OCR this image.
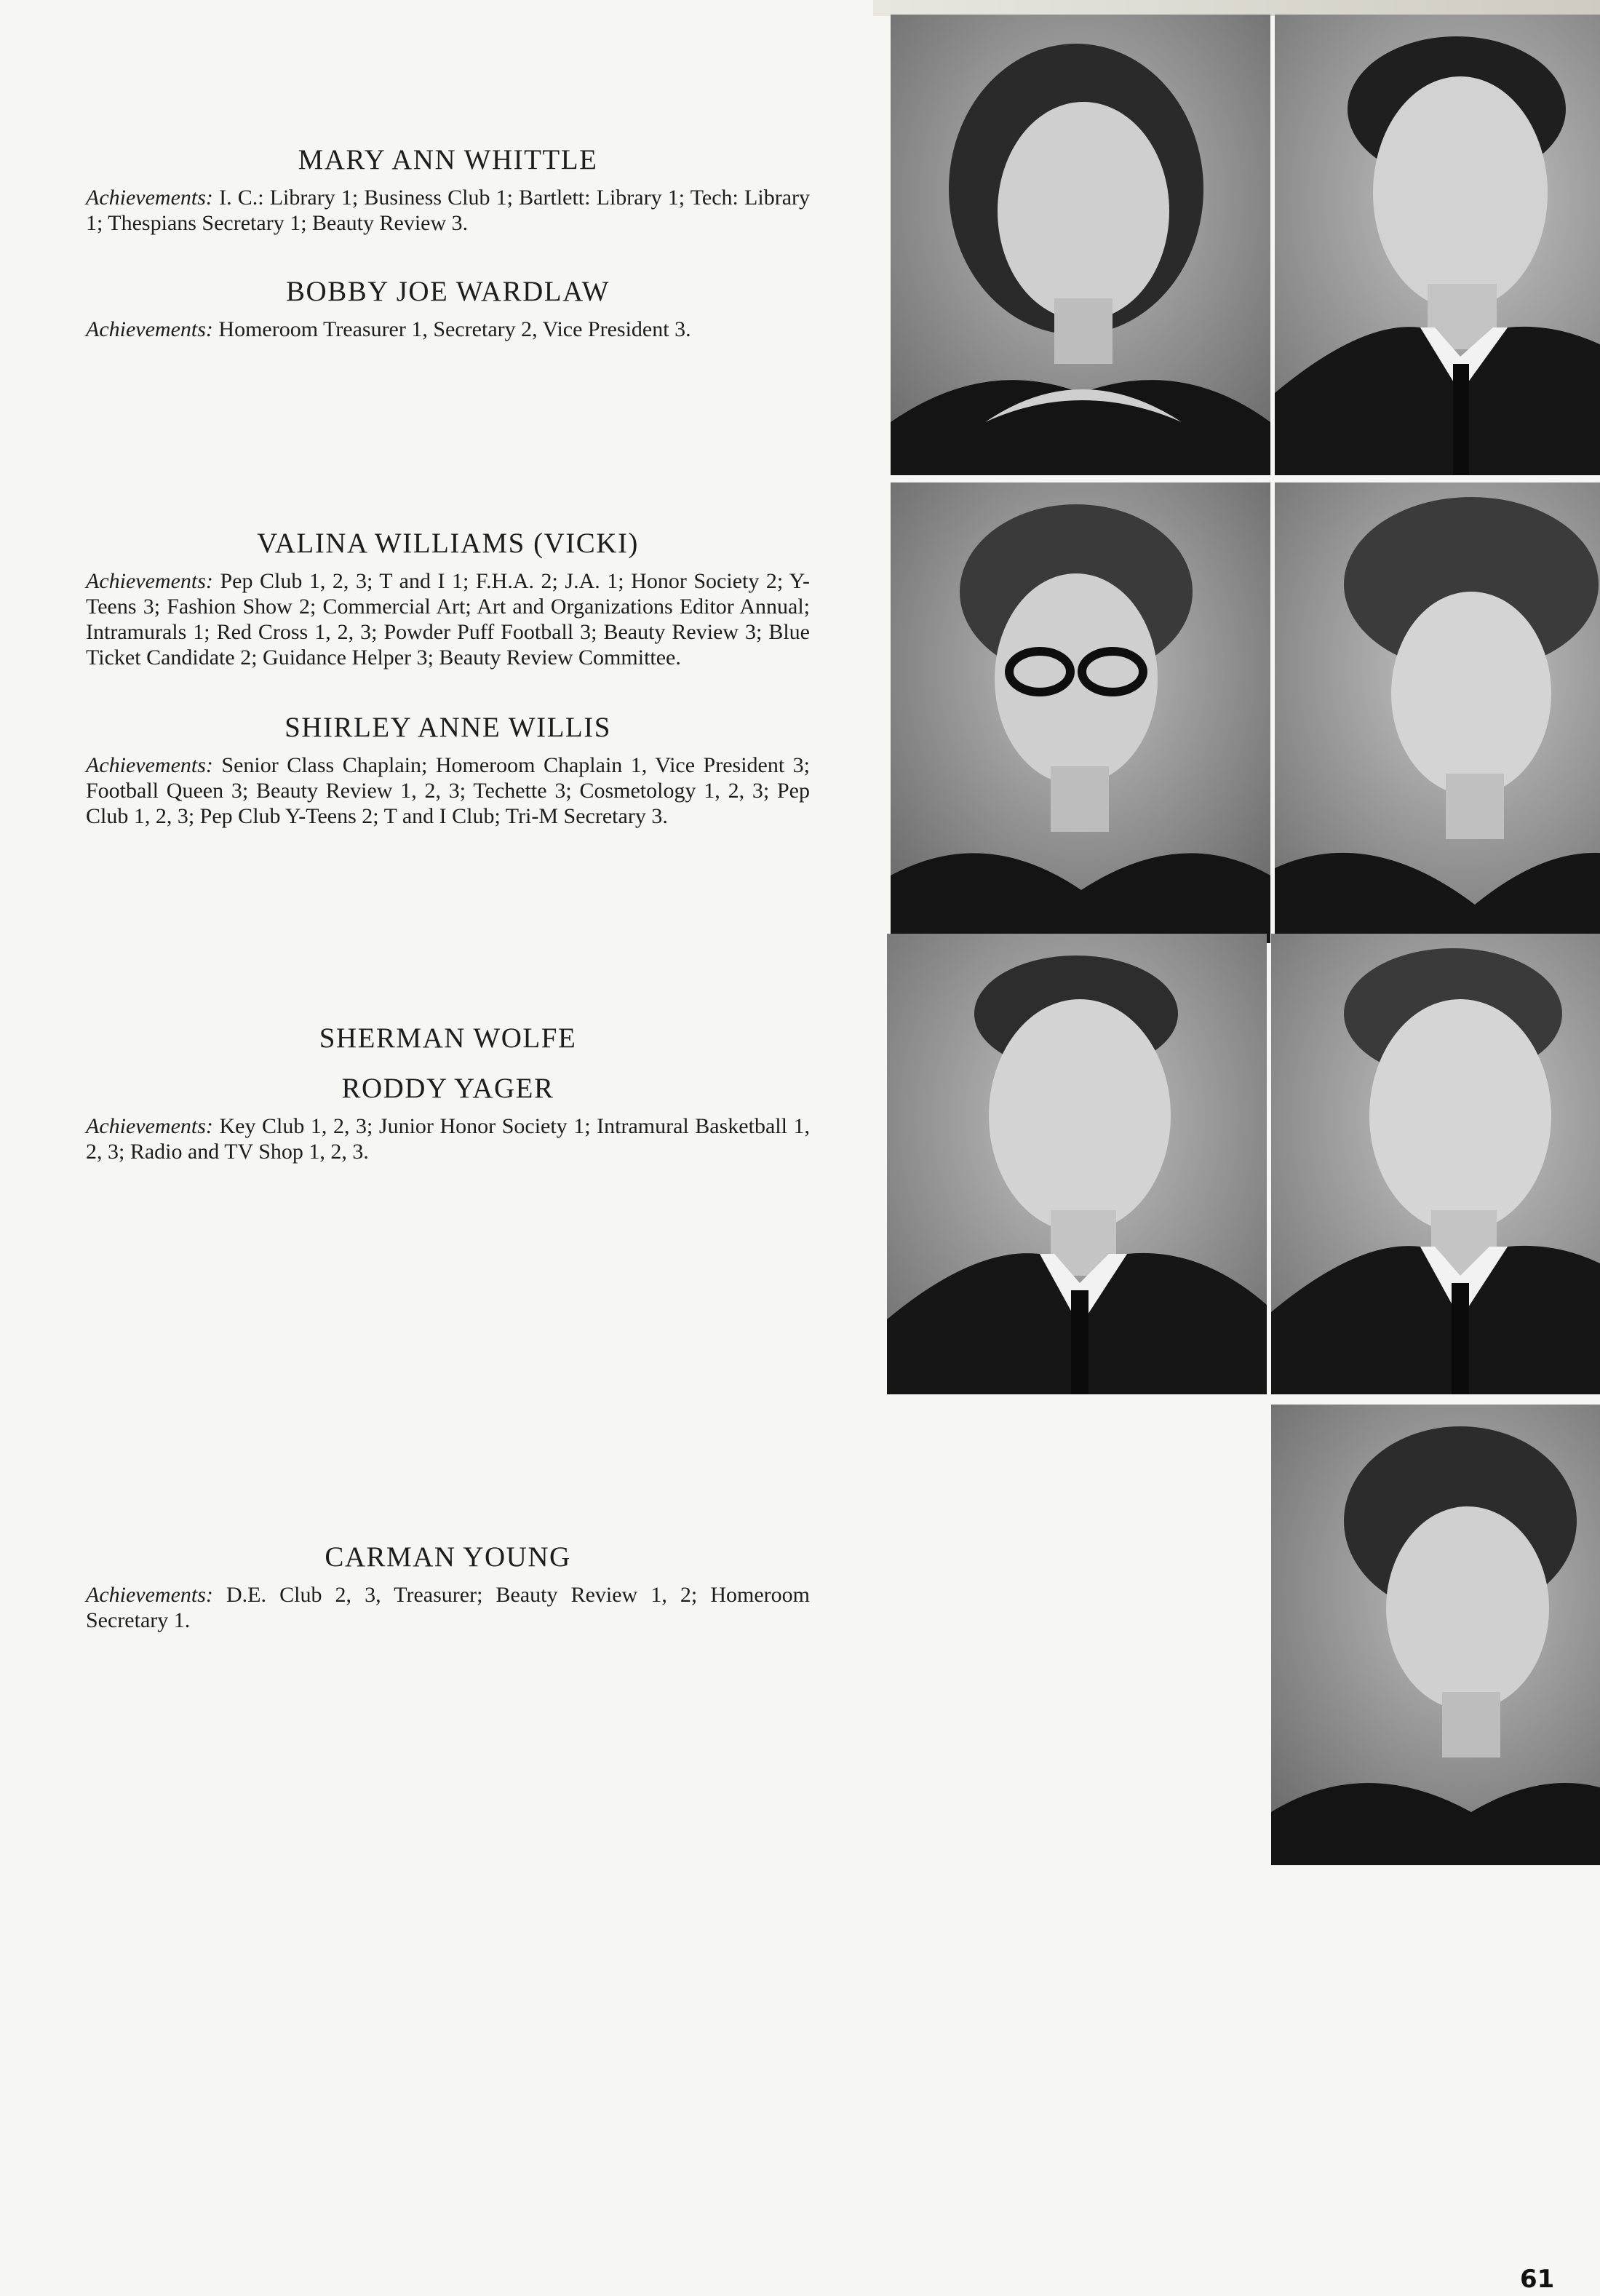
MARY ANN WHITTLE

Achievements: I. C.: Library 1; Business Club 1; Bartlett: Library 1; Tech: Library 1; Thespians Secretary 1; Beauty Review 3.

BOBBY JOE WARDLAW

Achievements: Homeroom Treasurer 1, Secretary 2, Vice President 3.

VALINA WILLIAMS (VICKI)

Achievements: Pep Club 1, 2, 3; T and I 1; F.H.A. 2; J.A. 1; Honor Society 2; Y-Teens 3; Fashion Show 2; Commercial Art; Art and Organizations Editor Annual; Intramurals 1; Red Cross 1, 2, 3; Powder Puff Football 3; Beauty Review 3; Blue Ticket Candidate 2; Guidance Helper 3; Beauty Review Committee.

SHIRLEY ANNE WILLIS

Achievements: Senior Class Chaplain; Homeroom Chaplain 1, Vice President 3; Football Queen 3; Beauty Review 1, 2, 3; Techette 3; Cosmetology 1, 2, 3; Pep Club 1, 2, 3; Pep Club Y-Teens 2; T and I Club; Tri-M Secretary 3.

SHERMAN WOLFE
RODDY YAGER

Achievements: Key Club 1, 2, 3; Junior Honor Society 1; Intramural Basketball 1, 2, 3; Radio and TV Shop 1, 2, 3.

CARMAN YOUNG

Achievements: D.E. Club 2, 3, Treasurer; Beauty Review 1, 2; Homeroom Secretary 1.

61
